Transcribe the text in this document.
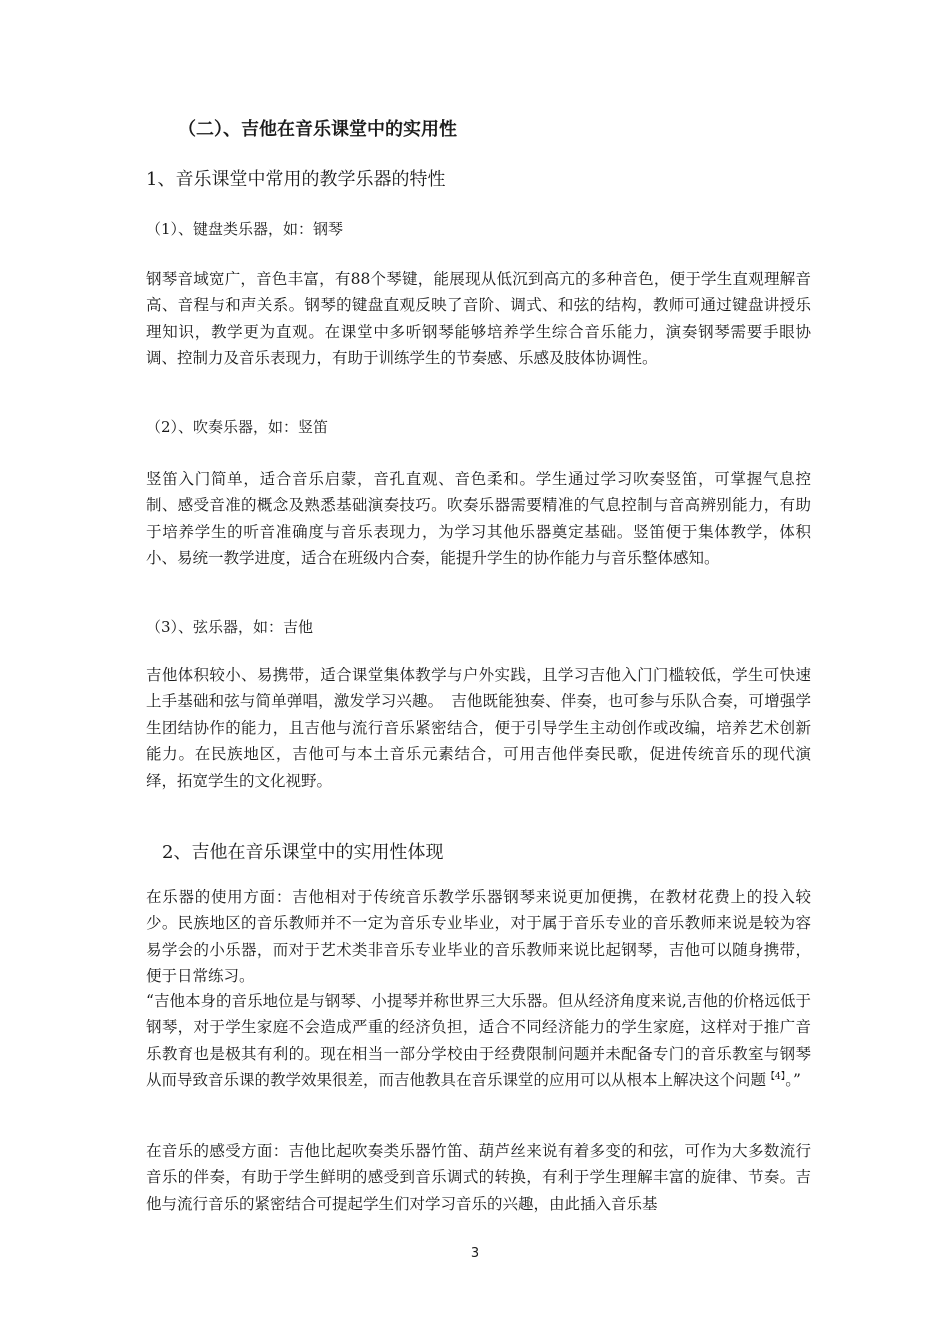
（二）、吉他在音乐课堂中的实用性

1、音乐课堂中常用的教学乐器的特性

（1）、键盘类乐器，如：钢琴

钢琴音域宽广，音色丰富，有88个琴键，能展现从低沉到高亢的多种音色，便于学生直观理解音高、音程与和声关系。钢琴的键盘直观反映了音阶、调式、和弦的结构，教师可通过键盘讲授乐理知识，教学更为直观。在课堂中多听钢琴能够培养学生综合音乐能力，演奏钢琴需要手眼协调、控制力及音乐表现力，有助于训练学生的节奏感、乐感及肢体协调性。

（2）、吹奏乐器，如：竖笛

竖笛入门简单，适合音乐启蒙，音孔直观、音色柔和。学生通过学习吹奏竖笛，可掌握气息控制、感受音准的概念及熟悉基础演奏技巧。吹奏乐器需要精准的气息控制与音高辨别能力，有助于培养学生的听音准确度与音乐表现力，为学习其他乐器奠定基础。竖笛便于集体教学，体积小、易统一教学进度，适合在班级内合奏，能提升学生的协作能力与音乐整体感知。

（3）、弦乐器，如：吉他

吉他体积较小、易携带，适合课堂集体教学与户外实践，且学习吉他入门门槛较低，学生可快速上手基础和弦与简单弹唱，激发学习兴趣。　吉他既能独奏、伴奏，也可参与乐队合奏，可增强学生团结协作的能力，且吉他与流行音乐紧密结合，便于引导学生主动创作或改编，培养艺术创新能力。在民族地区，吉他可与本土音乐元素结合，可用吉他伴奏民歌，促进传统音乐的现代演绎，拓宽学生的文化视野。

2、吉他在音乐课堂中的实用性体现

在乐器的使用方面：吉他相对于传统音乐教学乐器钢琴来说更加便携，在教材花费上的投入较少。民族地区的音乐教师并不一定为音乐专业毕业，对于属于音乐专业的音乐教师来说是较为容易学会的小乐器，而对于艺术类非音乐专业毕业的音乐教师来说比起钢琴，吉他可以随身携带，便于日常练习。

“吉他本身的音乐地位是与钢琴、小提琴并称世界三大乐器。但从经济角度来说,吉他的价格远低于钢琴，对于学生家庭不会造成严重的经济负担，适合不同经济能力的学生家庭，这样对于推广音乐教育也是极其有利的。现在相当一部分学校由于经费限制问题并未配备专门的音乐教室与钢琴从而导致音乐课的教学效果很差，而吉他教具在音乐课堂的应用可以从根本上解决这个问题$^{【4】}$。”

在音乐的感受方面：吉他比起吹奏类乐器竹笛、葫芦丝来说有着多变的和弦，可作为大多数流行音乐的伴奏，有助于学生鲜明的感受到音乐调式的转换，有利于学生理解丰富的旋律、节奏。吉他与流行音乐的紧密结合可提起学生们对学习音乐的兴趣，由此插入音乐基

3
